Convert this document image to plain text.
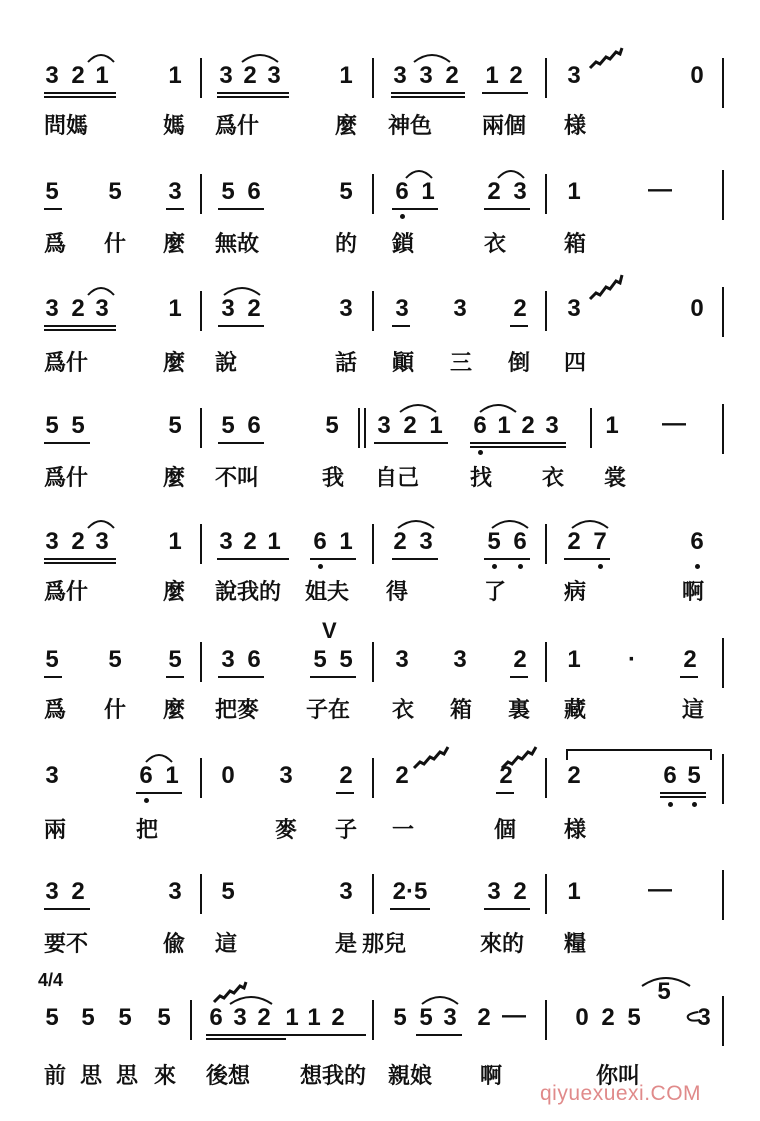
3 2 1 1 3 2 3 1 3 3 2 1 2 3	0
問媽	媽 爲什	麼 神色 兩個 様
5 5 3 5 6	5 6 1 2 3 1	—
爲 什 麼 無故	的 鎖	衣	箱
3 2 3 1 3 2	3 3 3 2 3	0
爲什	麼 說	話 顚 三 倒 四
5 5	5 5 6	5 3 2 1 6 1 2 3 1 —
爲什	麼 不叫	我 自己 找 衣 裳
3 2 3 1 3 2 1 6 1 2 3 5 6 2 7	6
爲什	麼 說我的 姐夫 得	了	病	啊
5 5 5 3 6 5 5
V
3 3 2 1 · 2
爲 什 麼 把麥 子在 衣 箱 裏 藏	這
3	6 1 0 3 2 2	2 2	6 5
兩	把	麥 子 一	個 様
3 2	3 5	3 2·5 3 2 1	—
要不	偸 這	是 那兒	來的 糧
4/4
5 5 5 5 6 3 2 1 1 2 5 5 3 2 — 0 2 5
5
3
前 思 思 來 後想 想我的 親娘 啊	你叫
qiyuexuexi.COM
